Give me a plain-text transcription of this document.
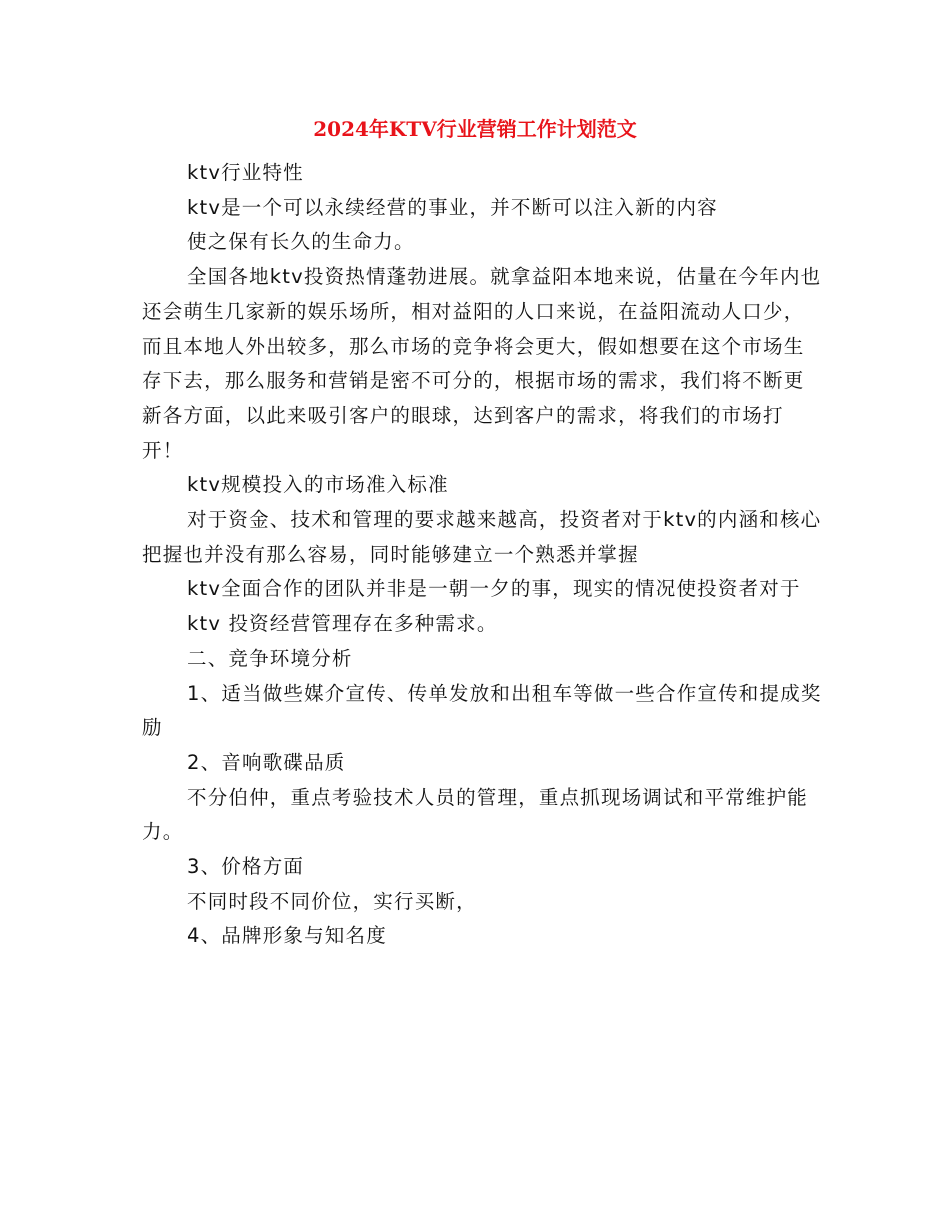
2024年KTV行业营销工作计划范文

ktv行业特性

ktv是一个可以永续经营的事业，并不断可以注入新的内容

使之保有长久的生命力。

全国各地ktv投资热情蓬勃进展。就拿益阳本地来说，估量在今年内也还会萌生几家新的娱乐场所，相对益阳的人口来说，在益阳流动人口少，而且本地人外出较多，那么市场的竞争将会更大，假如想要在这个市场生存下去，那么服务和营销是密不可分的，根据市场的需求，我们将不断更新各方面，以此来吸引客户的眼球，达到客户的需求，将我们的市场打开！

ktv规模投入的市场准入标准

对于资金、技术和管理的要求越来越高，投资者对于ktv的内涵和核心把握也并没有那么容易，同时能够建立一个熟悉并掌握

ktv全面合作的团队并非是一朝一夕的事，现实的情况使投资者对于

ktv 投资经营管理存在多种需求。

二、竞争环境分析

1、适当做些媒介宣传、传单发放和出租车等做一些合作宣传和提成奖励

2、音响歌碟品质

不分伯仲，重点考验技术人员的管理，重点抓现场调试和平常维护能力。

3、价格方面

不同时段不同价位，实行买断，

4、品牌形象与知名度
